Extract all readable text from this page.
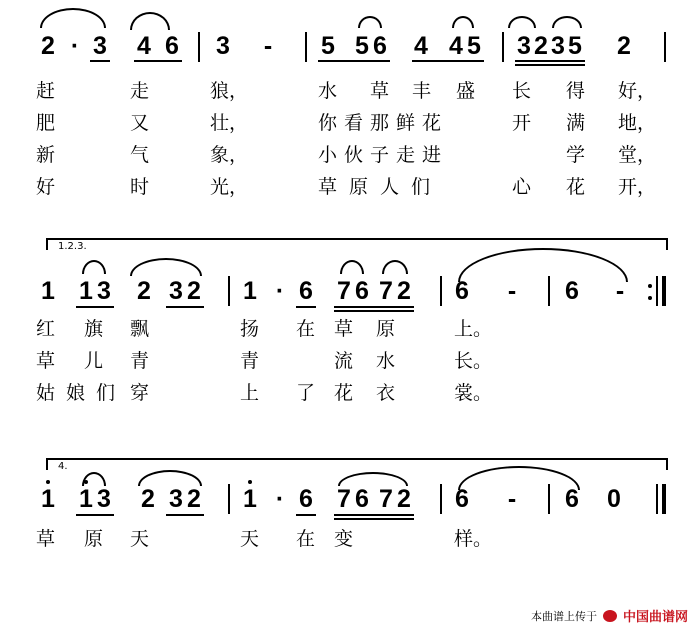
2 · 3 4 6 3 - 5 5 6 4 4 5 3 2 3 5 2
赶	走	狼，	水 草 丰 盛 长 得 好，
肥	又	壮，	你看那鲜花	开 满 地，
新	气	象，	小伙子走进	学 堂，
好	时	光，	草原人们	心 花 开，
1.2.3.
1 1 3 2 3 2 1 · 6 7 6 7 2 6 - 6 -
红 旗 飘	扬 在 草 原	上。
草 儿 青	青	流 水	长。
姑 娘 们 穿	上 了 花 衣	裳。
4.
1 1 3 2 3 2 1 · 6 7 6 7 2 6 - 6 0
草 原 天	天 在 变	样。
本曲谱上传于 中国曲谱网
